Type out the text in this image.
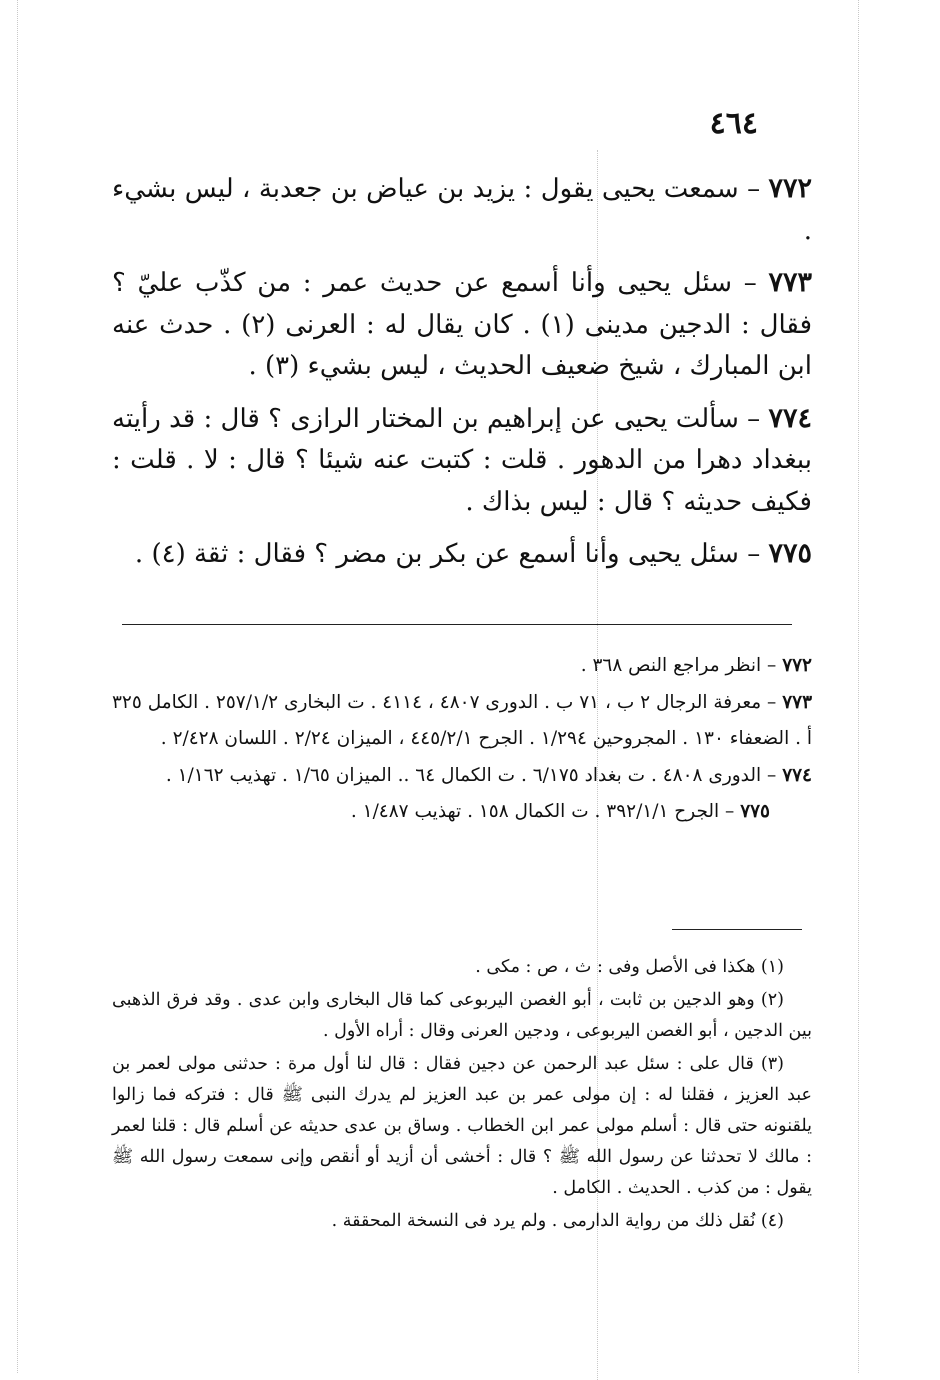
٤٦٤

٧٧٢ – سمعت يحيى يقول : يزيد بن عياض بن جعدبة ، ليس بشيء .

٧٧٣ – سئل يحيى وأنا أسمع عن حديث عمر : من كذّب عليّ ؟ فقال : الدجين مدينى (١) . كان يقال له : العرنى (٢) . حدث عنه ابن المبارك ، شيخ ضعيف الحديث ، ليس بشيء (٣) .

٧٧٤ – سألت يحيى عن إبراهيم بن المختار الرازى ؟ قال : قد رأيته ببغداد دهرا من الدهور . قلت : كتبت عنه شيئا ؟ قال : لا . قلت : فكيف حديثه ؟ قال : ليس بذاك .

٧٧٥ – سئل يحيى وأنا أسمع عن بكر بن مضر ؟ فقال : ثقة (٤) .

٧٧٢ – انظر مراجع النص ٣٦٨ .

٧٧٣ – معرفة الرجال ٢ ب ، ٧١ ب . الدورى ٤٨٠٧ ، ٤١١٤ . ت البخارى ٢٥٧/١/٢ . الكامل ٣٢٥ أ . الضعفاء ١٣٠ . المجروحين ١/٢٩٤ . الجرح ٤٤٥/٢/١ ، الميزان ٢/٢٤ . اللسان ٢/٤٢٨ .

٧٧٤ – الدورى ٤٨٠٨ . ت بغداد ٦/١٧٥ . ت الكمال ٦٤ .. الميزان ١/٦٥ . تهذيب ١/١٦٢ .

٧٧٥ – الجرح ٣٩٢/١/١ . ت الكمال ١٥٨ . تهذيب ١/٤٨٧ .

(١) هكذا فى الأصل وفى : ث ، ص : مكى .

(٢) وهو الدجين بن ثابت ، أبو الغصن اليربوعى كما قال البخارى وابن عدى . وقد فرق الذهبى بين الدجين ، أبو الغصن اليربوعى ، ودجين العرنى وقال : أراه الأول .

(٣) قال على : سئل عبد الرحمن عن دجين فقال : قال لنا أول مرة : حدثنى مولى لعمر بن عبد العزيز ، فقلنا له : إن مولى عمر بن عبد العزيز لم يدرك النبى ﷺ قال : فتركه فما زالوا يلقنونه حتى قال : أسلم مولى عمر ابن الخطاب . وساق بن عدى حديثه عن أسلم قال : قلنا لعمر : مالك لا تحدثنا عن رسول الله ﷺ ؟ قال : أخشى أن أزيد أو أنقص وإنى سمعت رسول الله ﷺ يقول : من كذب . الحديث . الكامل .

(٤) نُقل ذلك من رواية الدارمى . ولم يرد فى النسخة المحققة .
